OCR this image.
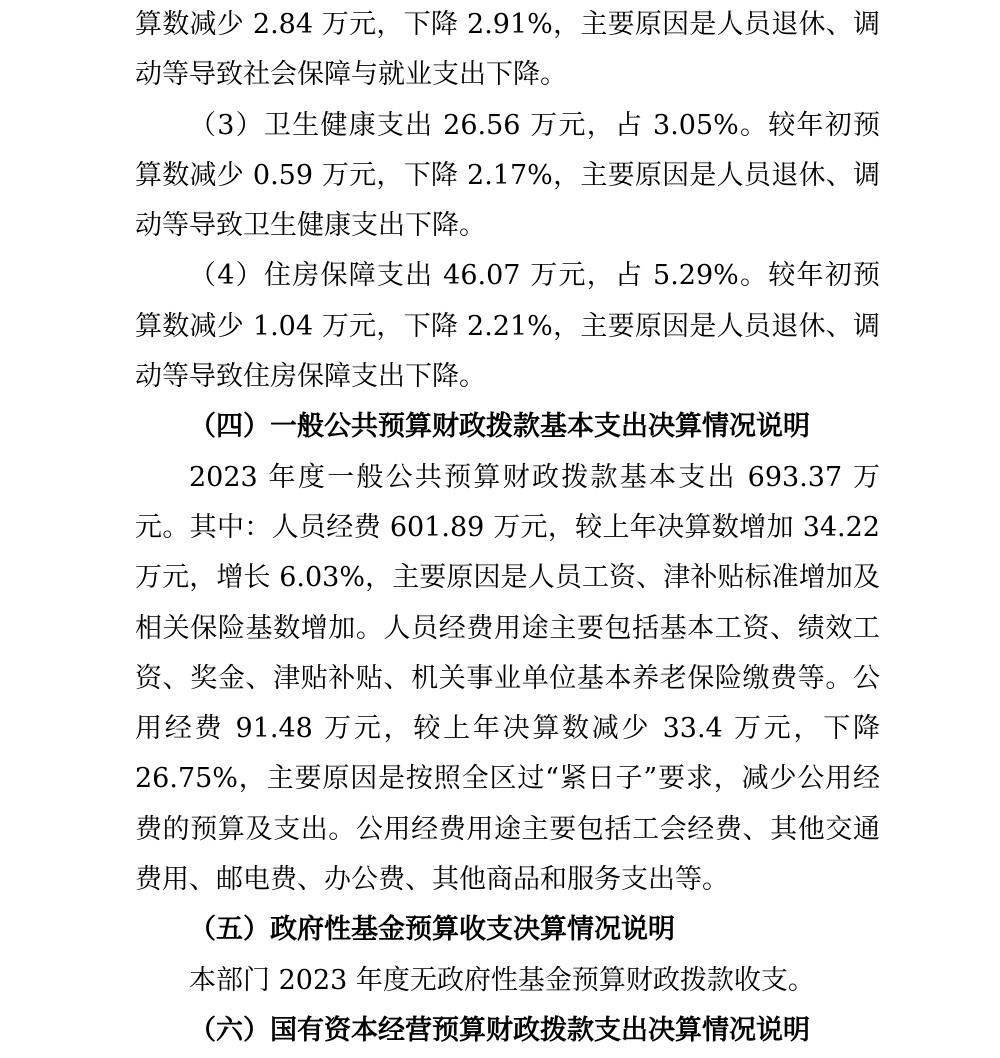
算数减少 2.84 万元，下降 2.91%，主要原因是人员退休、调动等导致社会保障与就业支出下降。

（3）卫生健康支出 26.56 万元，占 3.05%。较年初预算数减少 0.59 万元，下降 2.17%，主要原因是人员退休、调动等导致卫生健康支出下降。

（4）住房保障支出 46.07 万元，占 5.29%。较年初预算数减少 1.04 万元，下降 2.21%，主要原因是人员退休、调动等导致住房保障支出下降。

（四）一般公共预算财政拨款基本支出决算情况说明

2023 年度一般公共预算财政拨款基本支出 693.37 万元。其中：人员经费 601.89 万元，较上年决算数增加 34.22 万元，增长 6.03%，主要原因是人员工资、津补贴标准增加及相关保险基数增加。人员经费用途主要包括基本工资、绩效工资、奖金、津贴补贴、机关事业单位基本养老保险缴费等。公用经费 91.48 万元，较上年决算数减少 33.4 万元，下降 26.75%，主要原因是按照全区过“紧日子”要求，减少公用经费的预算及支出。公用经费用途主要包括工会经费、其他交通费用、邮电费、办公费、其他商品和服务支出等。

（五）政府性基金预算收支决算情况说明

本部门 2023 年度无政府性基金预算财政拨款收支。

（六）国有资本经营预算财政拨款支出决算情况说明
